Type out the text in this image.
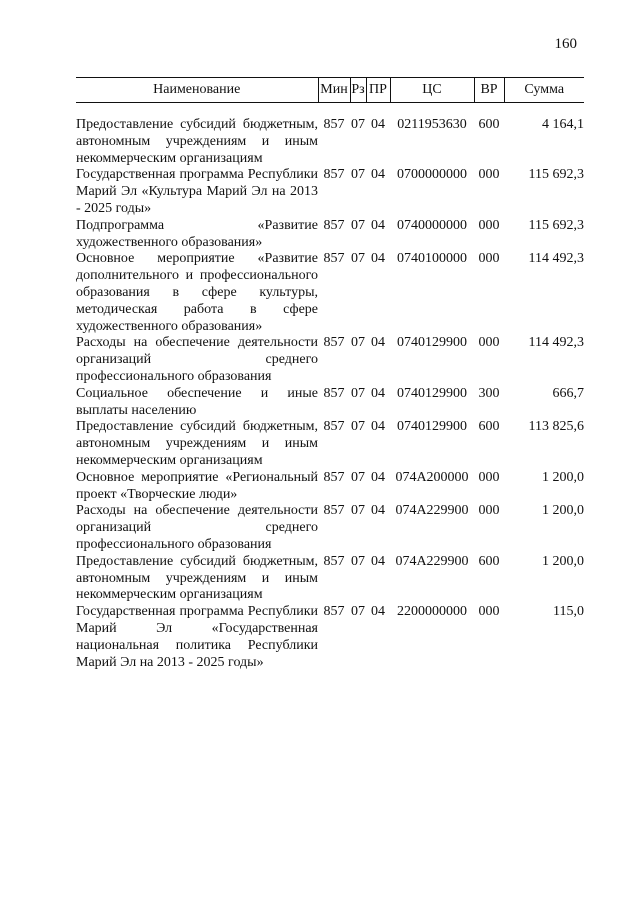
160
Наименование	Мин	Рз	ПР	ЦС	ВР	Сумма

Предоставление субсидий бюджетным, автономным учреждениям и иным некоммерческим организациям	857	07	04	0211953630	600	4 164,1
Государственная программа Республики Марий Эл «Культура Марий Эл на 2013 - 2025 годы»	857	07	04	0700000000	000	115 692,3
Подпрограмма «Развитие художественного образования»	857	07	04	0740000000	000	115 692,3
Основное мероприятие «Развитие дополнительного и профессионального образования в сфере культуры, методическая работа в сфере художественного образования»	857	07	04	0740100000	000	114 492,3
Расходы на обеспечение деятельности организаций среднего профессионального образования	857	07	04	0740129900	000	114 492,3
Социальное обеспечение и иные выплаты населению	857	07	04	0740129900	300	666,7
Предоставление субсидий бюджетным, автономным учреждениям и иным некоммерческим организациям	857	07	04	0740129900	600	113 825,6
Основное мероприятие «Региональный проект «Творческие люди»	857	07	04	074А200000	000	1 200,0
Расходы на обеспечение деятельности организаций среднего профессионального образования	857	07	04	074А229900	000	1 200,0
Предоставление субсидий бюджетным, автономным учреждениям и иным некоммерческим организациям	857	07	04	074А229900	600	1 200,0
Государственная программа Республики Марий Эл «Государственная национальная политика Республики Марий Эл на 2013 - 2025 годы»	857	07	04	2200000000	000	115,0
